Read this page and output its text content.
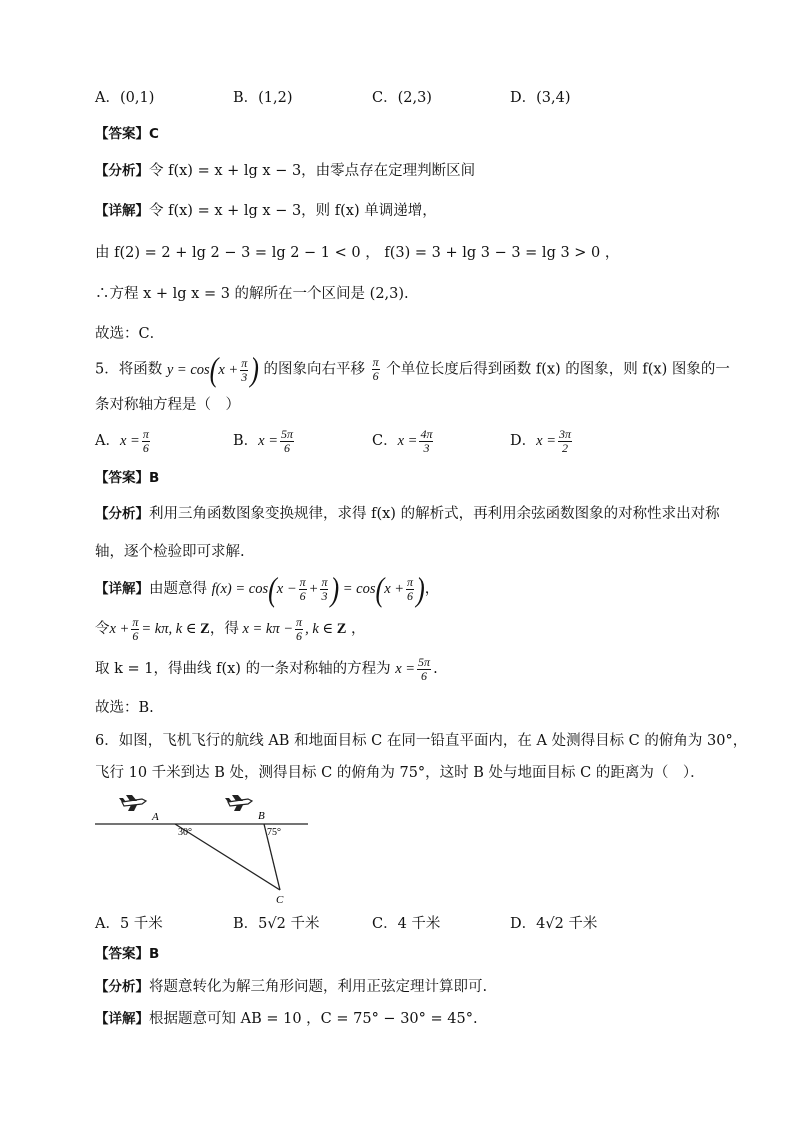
A．(0,1)	B．(1,2)	C．(2,3)	D．(3,4)
【答案】C
【分析】令 f(x) = x + lg x − 3，由零点存在定理判断区间
【详解】令 f(x) = x + lg x − 3，则 f(x) 单调递增，
由 f(2) = 2 + lg 2 − 3 = lg 2 − 1 < 0 ， f(3) = 3 + lg 3 − 3 = lg 3 > 0 ，
∴方程 x + lg x = 3 的解所在一个区间是 (2,3).
故选：C．
5．将函数 $y = \cos(x + \frac{\pi}{3}$ ) 的图象向右平移 $\frac{\pi}{6}$ 个单位长度后得到函数 f(x) 的图象，则 f(x) 图象的一
条对称轴方程是（　）
A．$x = \frac{\pi}{6}$	B．$x = \frac{5\pi}{6}$	C．$x = \frac{4\pi}{3}$	D．$x = \frac{3\pi}{2}$
【答案】B
【分析】利用三角函数图象变换规律，求得 f(x) 的解析式，再利用余弦函数图象的对称性求出对称
轴，逐个检验即可求解.
【详解】由题意得 $f(x) = \cos(x - \frac{\pi}{6} + \frac{\pi}{3}$ ) = $\cos(x + \frac{\pi}{6}$ )，
令$x + \frac{\pi}{6} = k\pi$, k ∈ Z，得 $x = k\pi - \frac{\pi}{6}$ , k ∈ Z ，
取 k = 1，得曲线 f(x) 的一条对称轴的方程为 $x = \frac{5\pi}{6}$ .
故选：B.
6．如图，飞机飞行的航线 AB 和地面目标 C 在同一铅直平面内，在 A 处测得目标 C 的俯角为 30°，
飞行 10 千米到达 B 处，测得目标 C 的俯角为 75°，这时 B 处与地面目标 C 的距离为（　）．
A	B
C
30°	75°
A．5 千米	B．5√2 千米	C．4 千米	D．4√2 千米
【答案】B
【分析】将题意转化为解三角形问题，利用正弦定理计算即可.
【详解】根据题意可知 AB = 10 ，C = 75° − 30° = 45°.
